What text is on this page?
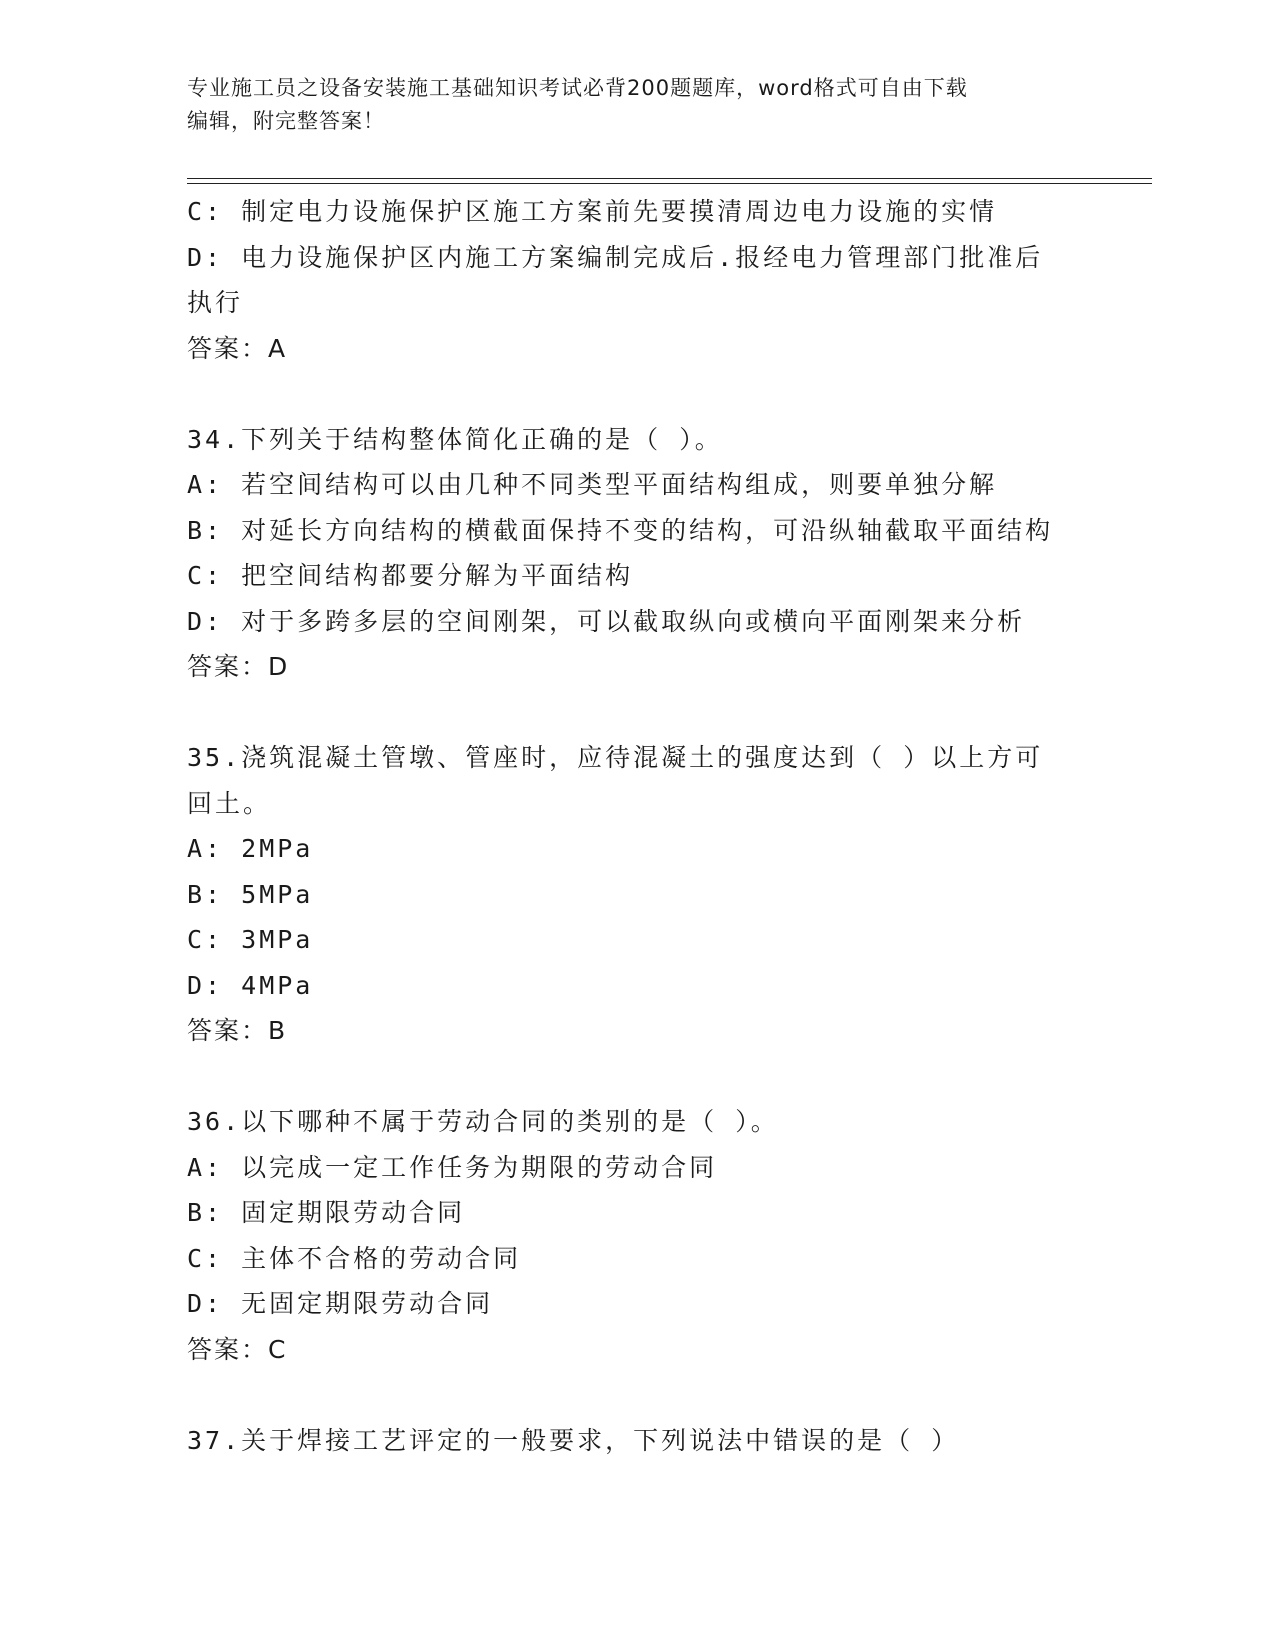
专业施工员之设备安装施工基础知识考试必背200题题库，word格式可自由下载
编辑，附完整答案！
C: 制定电力设施保护区施工方案前先要摸清周边电力设施的实情
D: 电力设施保护区内施工方案编制完成后.报经电力管理部门批准后
执行
答案：A
34.下列关于结构整体简化正确的是（ ）。
A: 若空间结构可以由几种不同类型平面结构组成，则要单独分解
B: 对延长方向结构的横截面保持不变的结构，可沿纵轴截取平面结构
C: 把空间结构都要分解为平面结构
D: 对于多跨多层的空间刚架，可以截取纵向或横向平面刚架来分析
答案：D
35.浇筑混凝土管墩、管座时，应待混凝土的强度达到（ ）以上方可
回土。
A: 2MPa
B: 5MPa
C: 3MPa
D: 4MPa
答案：B
36.以下哪种不属于劳动合同的类别的是（ ）。
A: 以完成一定工作任务为期限的劳动合同
B: 固定期限劳动合同
C: 主体不合格的劳动合同
D: 无固定期限劳动合同
答案：C
37.关于焊接工艺评定的一般要求，下列说法中错误的是（ ）
